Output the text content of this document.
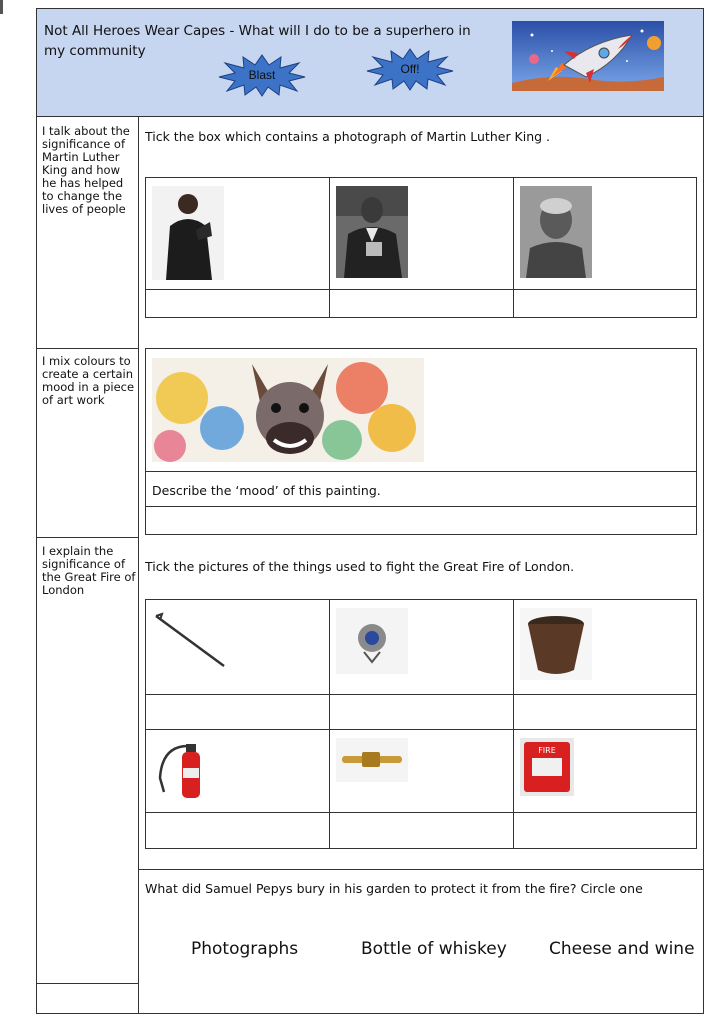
Not All Heroes Wear Capes - What will I do to be a superhero in my community
Blast	Off!
I talk about the significance of Martin Luther King and how he has helped to change the lives of people
I mix colours to create a certain mood in a piece of art work
I explain the significance of the Great Fire of London
Tick the box which contains a photograph of Martin Luther King .
Describe the ‘mood’ of this painting.
Tick the pictures of the things used to fight the Great Fire of London.
FIRE
What did Samuel Pepys bury in his garden to protect it from the fire? Circle one
Photographs	Bottle of whiskey Cheese and wine
